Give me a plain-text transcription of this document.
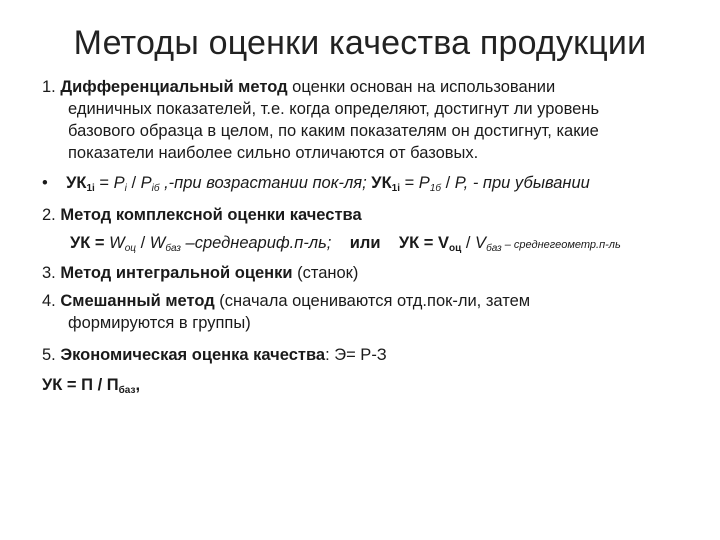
Методы оценки качества продукции
1. Дифференциальный метод оценки основан на использовании
единичных показателей, т.е. когда определяют, достигнут ли уровень
базового образца в целом, по каким показателям он достигнут, какие
показатели наиболее сильно отличаются от базовых.
• $УК_{1i} = P_i / P_{iб}$ ,-при возрастании пок-ля; $УК_{1i} = P_{1б} / P$, - при убывании
2. Метод комплексной оценки качества
УК = $W_{оц} / W_{баз}$ –среднеариф.п-ль; или УК = $V_{оц} / V_{баз}$ – среднегеометр.п-ль
3. Метод интегральной оценки (станок)
4. Смешанный метод (сначала оцениваются отд.пок-ли, затем
формируются в группы)
5. Экономическая оценка качества: Э= Р-З
УК = П / $П_{баз}$,
